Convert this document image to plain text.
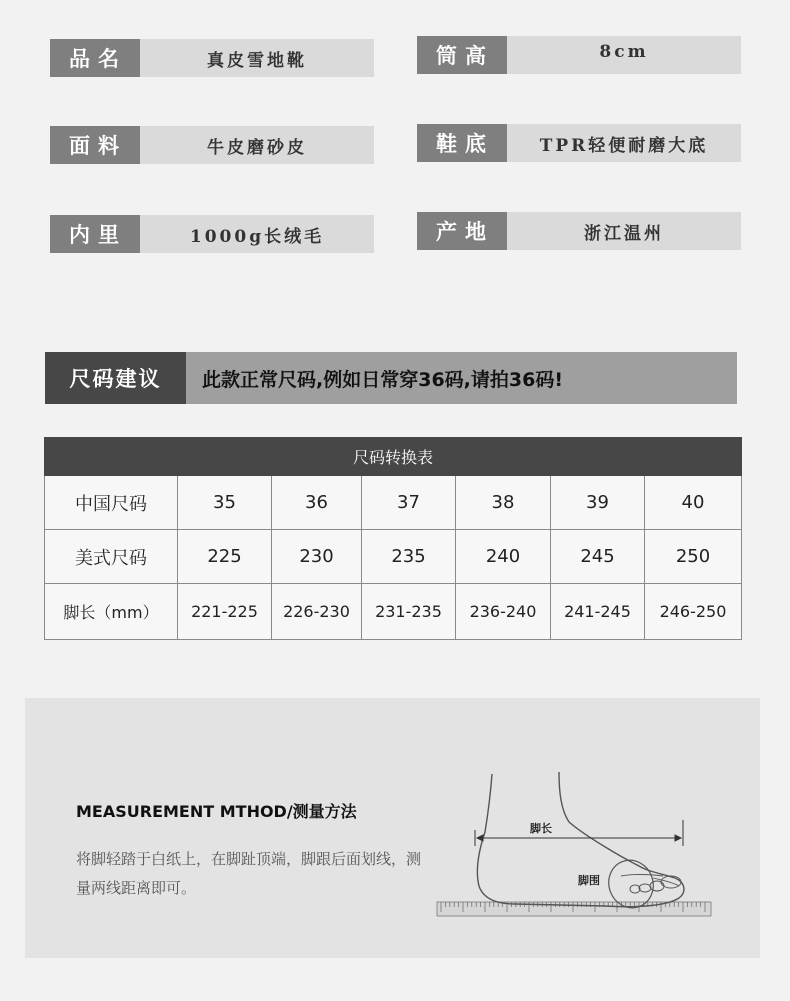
品名	真皮雪地靴	筒高	8cm
面料	牛皮磨砂皮	鞋底	TPR轻便耐磨大底
内里	1000g长绒毛	产地	浙江温州
尺码建议	此款正常尺码,例如日常穿36码,请拍36码!
尺码转换表						
中国尺码	35	36	37	38	39	40
美式尺码	225	230	235	240	245	250
脚长（mm）	221-225	226-230	231-235	236-240	241-245	246-250
MEASUREMENT MTHOD/测量方法
将脚轻踏于白纸上，在脚趾顶端，脚跟后面划线，测量两线距离即可。
脚长
脚围
